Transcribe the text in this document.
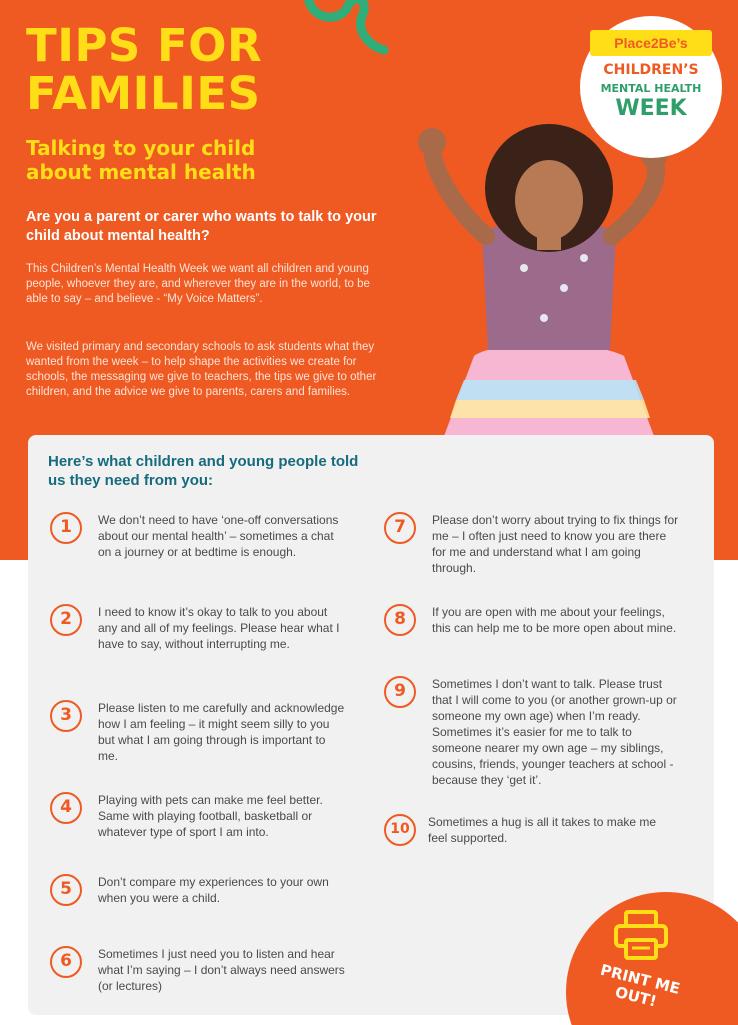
TIPS FOR
FAMILIES
Talking to your child about mental health
Are you a parent or carer who wants to talk to your child about mental health?
This Children’s Mental Health Week we want all children and young people, whoever they are, and wherever they are in the world, to be able to say – and believe - “My Voice Matters”.
We visited primary and secondary schools to ask students what they wanted from the week – to help shape the activities we create for schools, the messaging we give to teachers, the tips we give to other children, and the advice we give to parents, carers and families.
Place2Be’s
CHILDREN’S
MENTAL HEALTH
WEEK
Here’s what children and young people told us they need from you:
1	We don’t need to have ‘one-off conversations about our mental health’ – sometimes a chat on a journey or at bedtime is enough.
2	I need to know it’s okay to talk to you about any and all of my feelings. Please hear what I have to say, without interrupting me.
3	Please listen to me carefully and acknowledge how I am feeling – it might seem silly to you but what I am going through is important to me.
4	Playing with pets can make me feel better. Same with playing football, basketball or whatever type of sport I am into.
5	Don’t compare my experiences to your own when you were a child.
6	Sometimes I just need you to listen and hear what I’m saying – I don’t always need answers (or lectures)
7	Please don’t worry about trying to fix things for me – I often just need to know you are there for me and understand what I am going through.
8	If you are open with me about your feelings, this can help me to be more open about mine.
9	Sometimes I don’t want to talk. Please trust that I will come to you (or another grown-up or someone my own age) when I’m ready. Sometimes it’s easier for me to talk to someone nearer my own age – my siblings, cousins, friends, younger teachers at school - because they ‘get it’.
10	Sometimes a hug is all it takes to make me feel supported.
PRINT ME OUT!
